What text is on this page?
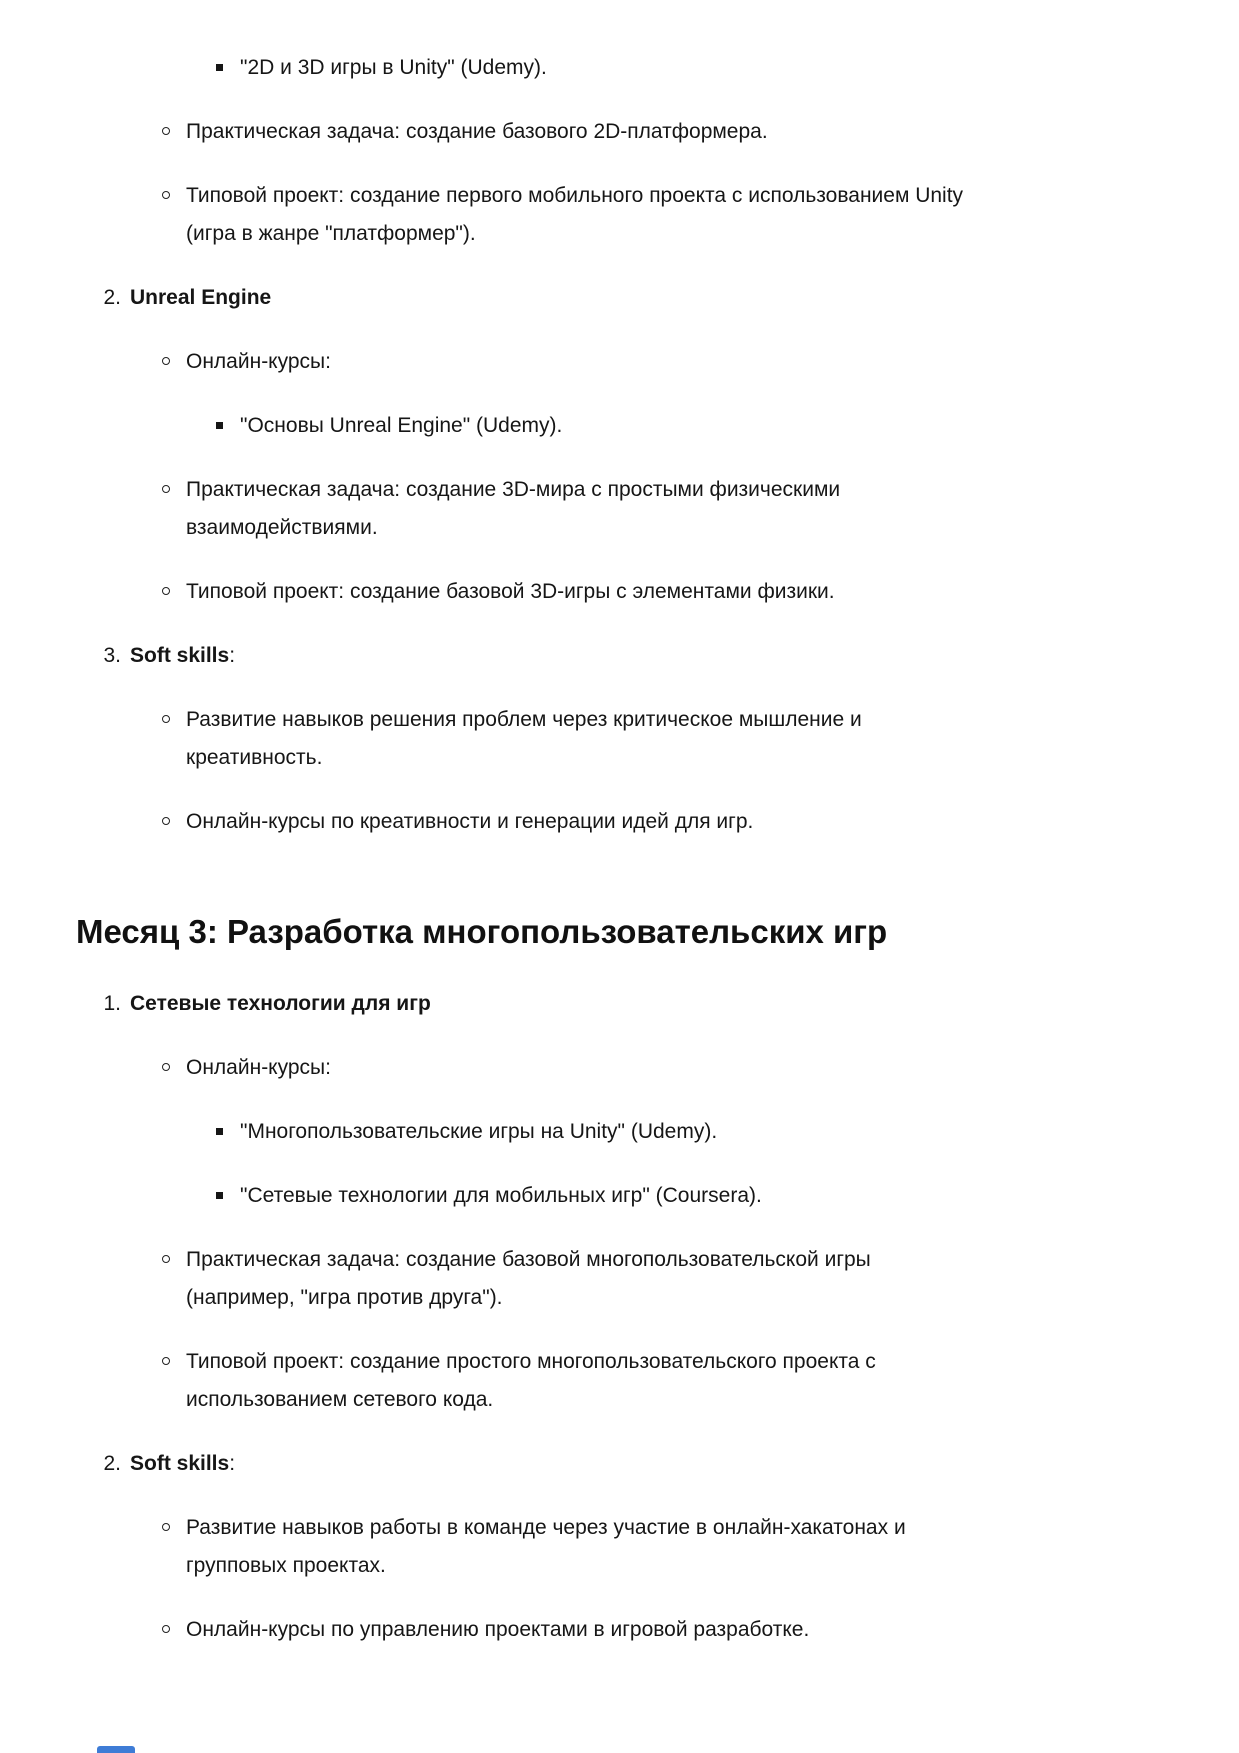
"2D и 3D игры в Unity" (Udemy).
Практическая задача: создание базового 2D-платформера.
Типовой проект: создание первого мобильного проекта с использованием Unity
(игра в жанре "платформер").
2. Unreal Engine
Онлайн-курсы:
"Основы Unreal Engine" (Udemy).
Практическая задача: создание 3D-мира с простыми физическими
взаимодействиями.
Типовой проект: создание базовой 3D-игры с элементами физики.
3. Soft skills:
Развитие навыков решения проблем через критическое мышление и
креативность.
Онлайн-курсы по креативности и генерации идей для игр.
Месяц 3: Разработка многопользовательских игр
1. Сетевые технологии для игр
Онлайн-курсы:
"Многопользовательские игры на Unity" (Udemy).
"Сетевые технологии для мобильных игр" (Coursera).
Практическая задача: создание базовой многопользовательской игры
(например, "игра против друга").
Типовой проект: создание простого многопользовательского проекта с
использованием сетевого кода.
2. Soft skills:
Развитие навыков работы в команде через участие в онлайн-хакатонах и
групповых проектах.
Онлайн-курсы по управлению проектами в игровой разработке.
